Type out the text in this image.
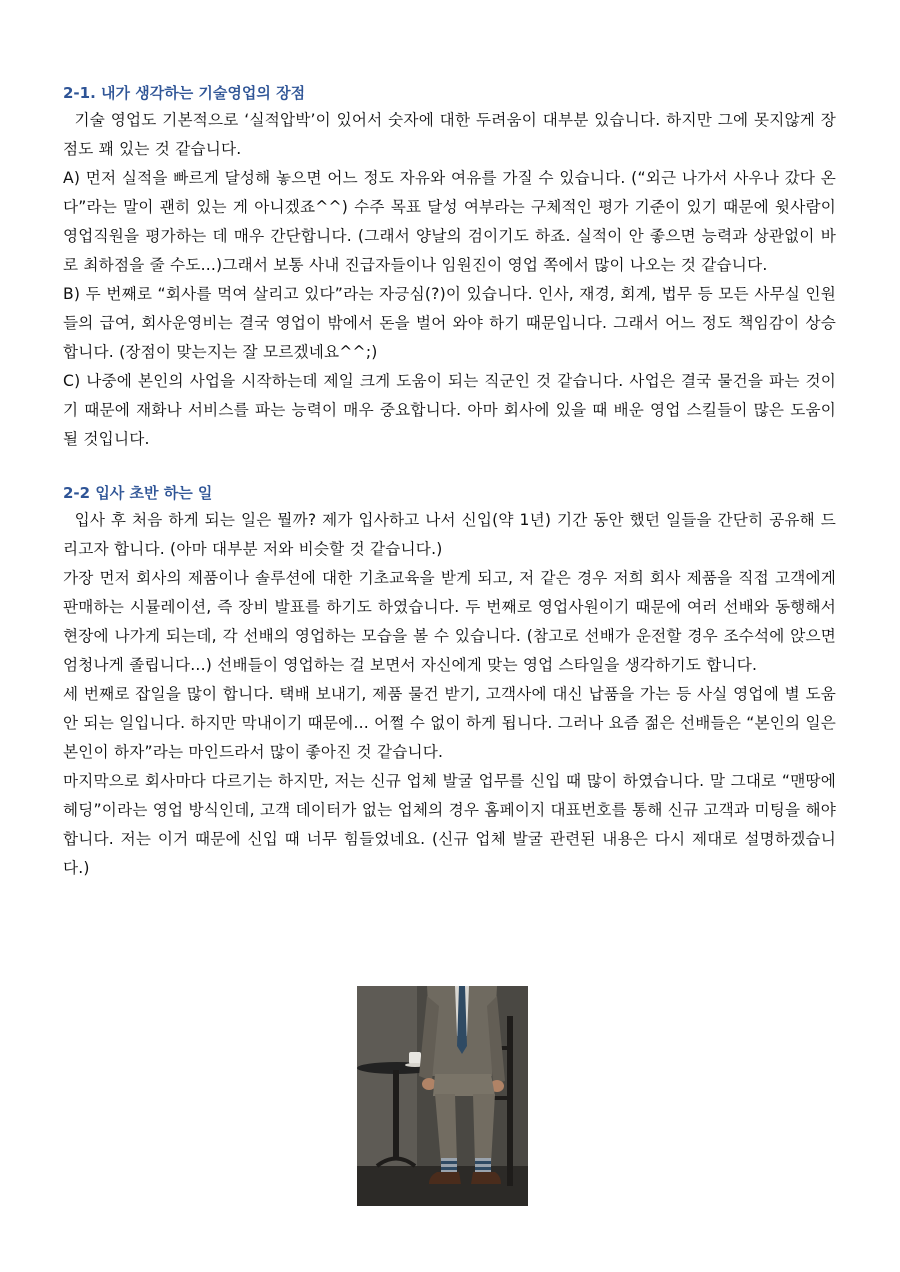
2-1. 내가 생각하는 기술영업의 장점

기술 영업도 기본적으로 ‘실적압박’이 있어서 숫자에 대한 두려움이 대부분 있습니다. 하지만 그에 못지않게 장점도 꽤 있는 것 같습니다.

A) 먼저 실적을 빠르게 달성해 놓으면 어느 정도 자유와 여유를 가질 수 있습니다. (“외근 나가서 사우나 갔다 온다”라는 말이 괜히 있는 게 아니겠죠^^) 수주 목표 달성 여부라는 구체적인 평가 기준이 있기 때문에 윗사람이 영업직원을 평가하는 데 매우 간단합니다. (그래서 양날의 검이기도 하죠. 실적이 안 좋으면 능력과 상관없이 바로 최하점을 줄 수도...)그래서 보통 사내 진급자들이나 임원진이 영업 쪽에서 많이 나오는 것 같습니다.

B) 두 번째로 “회사를 먹여 살리고 있다”라는 자긍심(?)이 있습니다. 인사, 재경, 회계, 법무 등 모든 사무실 인원들의 급여, 회사운영비는 결국 영업이 밖에서 돈을 벌어 와야 하기 때문입니다. 그래서 어느 정도 책임감이 상승합니다. (장점이 맞는지는 잘 모르겠네요^^;)

C) 나중에 본인의 사업을 시작하는데 제일 크게 도움이 되는 직군인 것 같습니다. 사업은 결국 물건을 파는 것이기 때문에 재화나 서비스를 파는 능력이 매우 중요합니다. 아마 회사에 있을 때 배운 영업 스킬들이 많은 도움이 될 것입니다.

2-2 입사 초반 하는 일

입사 후 처음 하게 되는 일은 뭘까? 제가 입사하고 나서 신입(약 1년) 기간 동안 했던 일들을 간단히 공유해 드리고자 합니다. (아마 대부분 저와 비슷할 것 같습니다.)

가장 먼저 회사의 제품이나 솔루션에 대한 기초교육을 받게 되고, 저 같은 경우 저희 회사 제품을 직접 고객에게 판매하는 시뮬레이션, 즉 장비 발표를 하기도 하였습니다. 두 번째로 영업사원이기 때문에 여러 선배와 동행해서 현장에 나가게 되는데, 각 선배의 영업하는 모습을 볼 수 있습니다. (참고로 선배가 운전할 경우 조수석에 앉으면 엄청나게 졸립니다...) 선배들이 영업하는 걸 보면서 자신에게 맞는 영업 스타일을 생각하기도 합니다.

세 번째로 잡일을 많이 합니다. 택배 보내기, 제품 물건 받기, 고객사에 대신 납품을 가는 등 사실 영업에 별 도움 안 되는 일입니다. 하지만 막내이기 때문에... 어쩔 수 없이 하게 됩니다. 그러나 요즘 젊은 선배들은 “본인의 일은 본인이 하자”라는 마인드라서 많이 좋아진 것 같습니다.

마지막으로 회사마다 다르기는 하지만, 저는 신규 업체 발굴 업무를 신입 때 많이 하였습니다. 말 그대로 “맨땅에 헤딩”이라는 영업 방식인데, 고객 데이터가 없는 업체의 경우 홈페이지 대표번호를 통해 신규 고객과 미팅을 해야 합니다. 저는 이거 때문에 신입 때 너무 힘들었네요. (신규 업체 발굴 관련된 내용은 다시 제대로 설명하겠습니다.)
